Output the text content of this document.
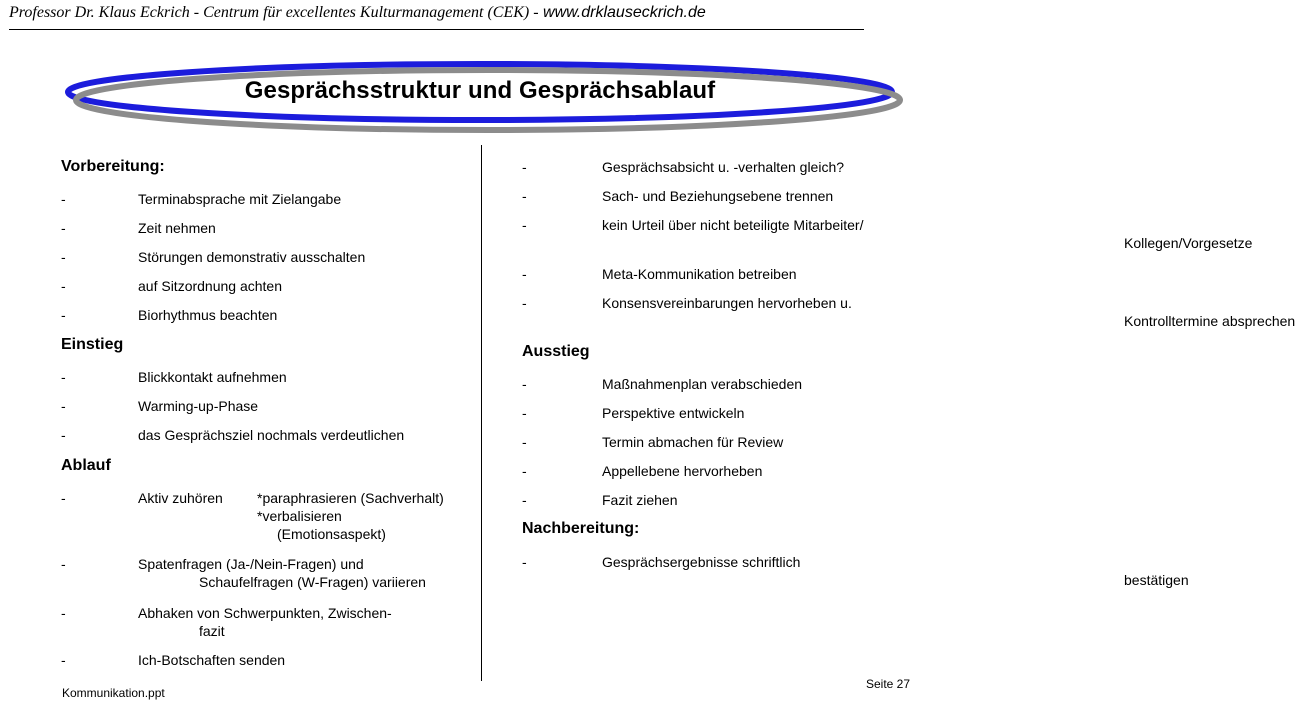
Professor Dr. Klaus Eckrich - Centrum für excellentes Kulturmanagement (CEK) - www.drklauseckrich.de
Gesprächsstruktur und Gesprächsablauf
Vorbereitung:
-	Terminabsprache mit Zielangabe
-	Zeit nehmen
-	Störungen demonstrativ ausschalten
-	auf Sitzordnung achten
-	Biorhythmus beachten
Einstieg
-	Blickkontakt aufnehmen
-	Warming-up-Phase
-	das Gesprächsziel nochmals verdeutlichen
Ablauf
-	Aktiv zuhören *paraphrasieren (Sachverhalt)
*verbalisieren
(Emotionsaspekt)
-	Spatenfragen (Ja-/Nein-Fragen) und
Schaufelfragen (W-Fragen) variieren
-	Abhaken von Schwerpunkten, Zwischen-
fazit
-	Ich-Botschaften senden
-	Gesprächsabsicht u. -verhalten gleich?
-	Sach- und Beziehungsebene trennen
-	kein Urteil über nicht beteiligte Mitarbeiter/
Kollegen/Vorgesetze
-	Meta-Kommunikation betreiben
-	Konsensvereinbarungen hervorheben u.
Kontrolltermine absprechen
Ausstieg
-	Maßnahmenplan verabschieden
-	Perspektive entwickeln
-	Termin abmachen für Review
-	Appellebene hervorheben
-	Fazit ziehen
Nachbereitung:
-	Gesprächsergebnisse schriftlich
bestätigen
Kommunikation.ppt
Seite 27
